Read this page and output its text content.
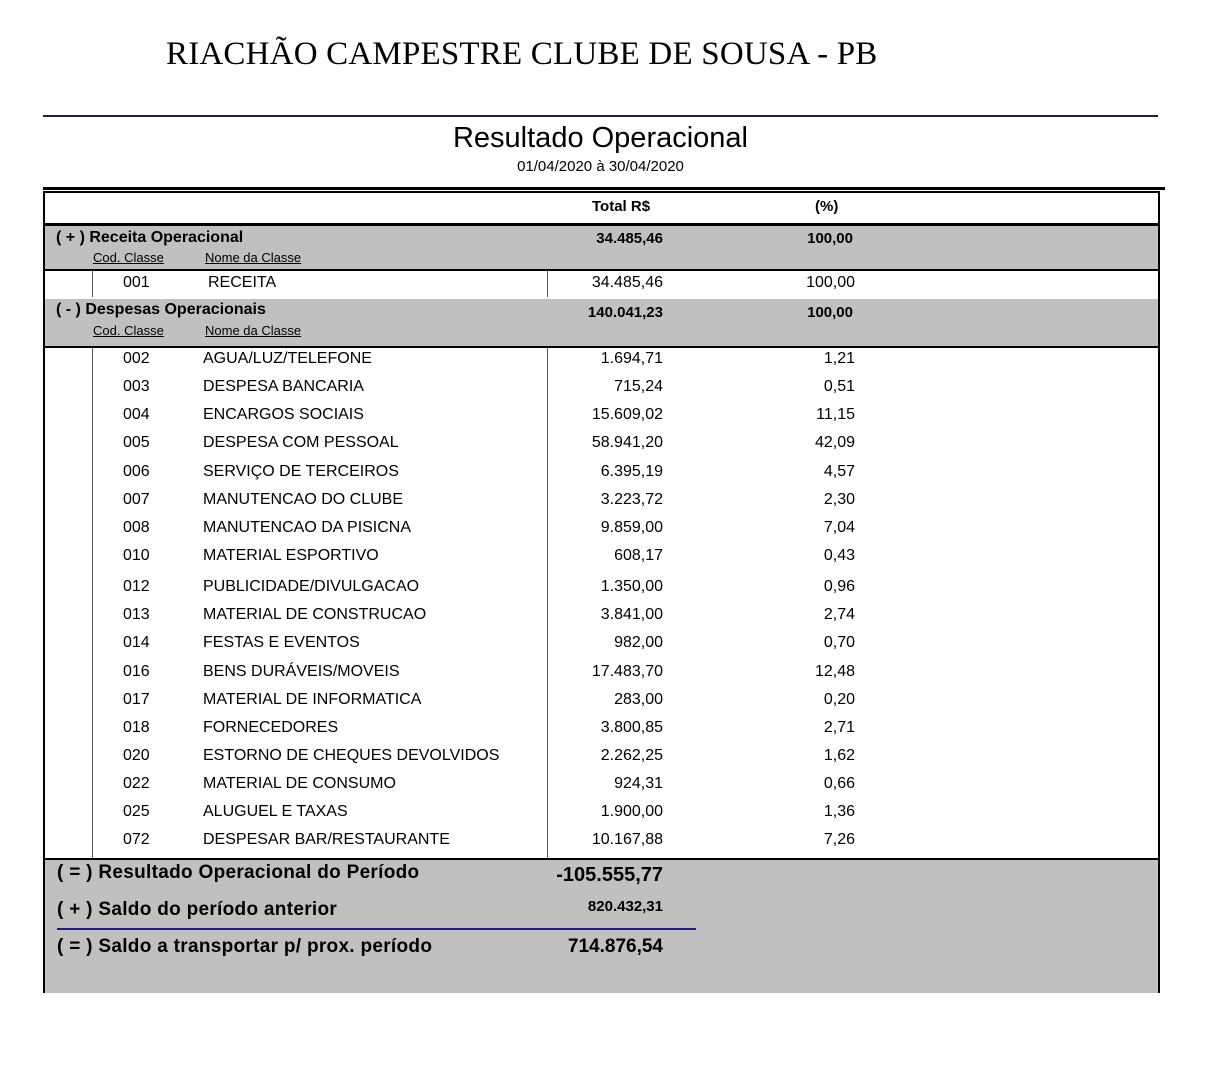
RIACHÃO CAMPESTRE CLUBE DE SOUSA - PB
Resultado Operacional
01/04/2020 à 30/04/2020
Total R$	(%)
( + ) Receita Operacional	34.485,46	100,00
Cod. Classe	Nome da Classe
001	RECEITA	34.485,46	100,00
( - ) Despesas Operacionais	140.041,23	100,00
Cod. Classe	Nome da Classe
002	AGUA/LUZ/TELEFONE	1.694,71	1,21
003	DESPESA BANCARIA	715,24	0,51
004	ENCARGOS SOCIAIS	15.609,02	11,15
005	DESPESA COM PESSOAL	58.941,20	42,09
006	SERVIÇO DE TERCEIROS	6.395,19	4,57
007	MANUTENCAO DO CLUBE	3.223,72	2,30
008	MANUTENCAO DA PISICNA	9.859,00	7,04
010	MATERIAL ESPORTIVO	608,17	0,43
012	PUBLICIDADE/DIVULGACAO	1.350,00	0,96
013	MATERIAL DE CONSTRUCAO	3.841,00	2,74
014	FESTAS E EVENTOS	982,00	0,70
016	BENS DURÁVEIS/MOVEIS	17.483,70	12,48
017	MATERIAL DE INFORMATICA	283,00	0,20
018	FORNECEDORES	3.800,85	2,71
020	ESTORNO DE CHEQUES DEVOLVIDOS	2.262,25	1,62
022	MATERIAL DE CONSUMO	924,31	0,66
025	ALUGUEL E TAXAS	1.900,00	1,36
072	DESPESAR BAR/RESTAURANTE	10.167,88	7,26
( = ) Resultado Operacional do Período	-105.555,77
( + ) Saldo do período anterior	820.432,31
( = ) Saldo a transportar p/ prox. período	714.876,54
